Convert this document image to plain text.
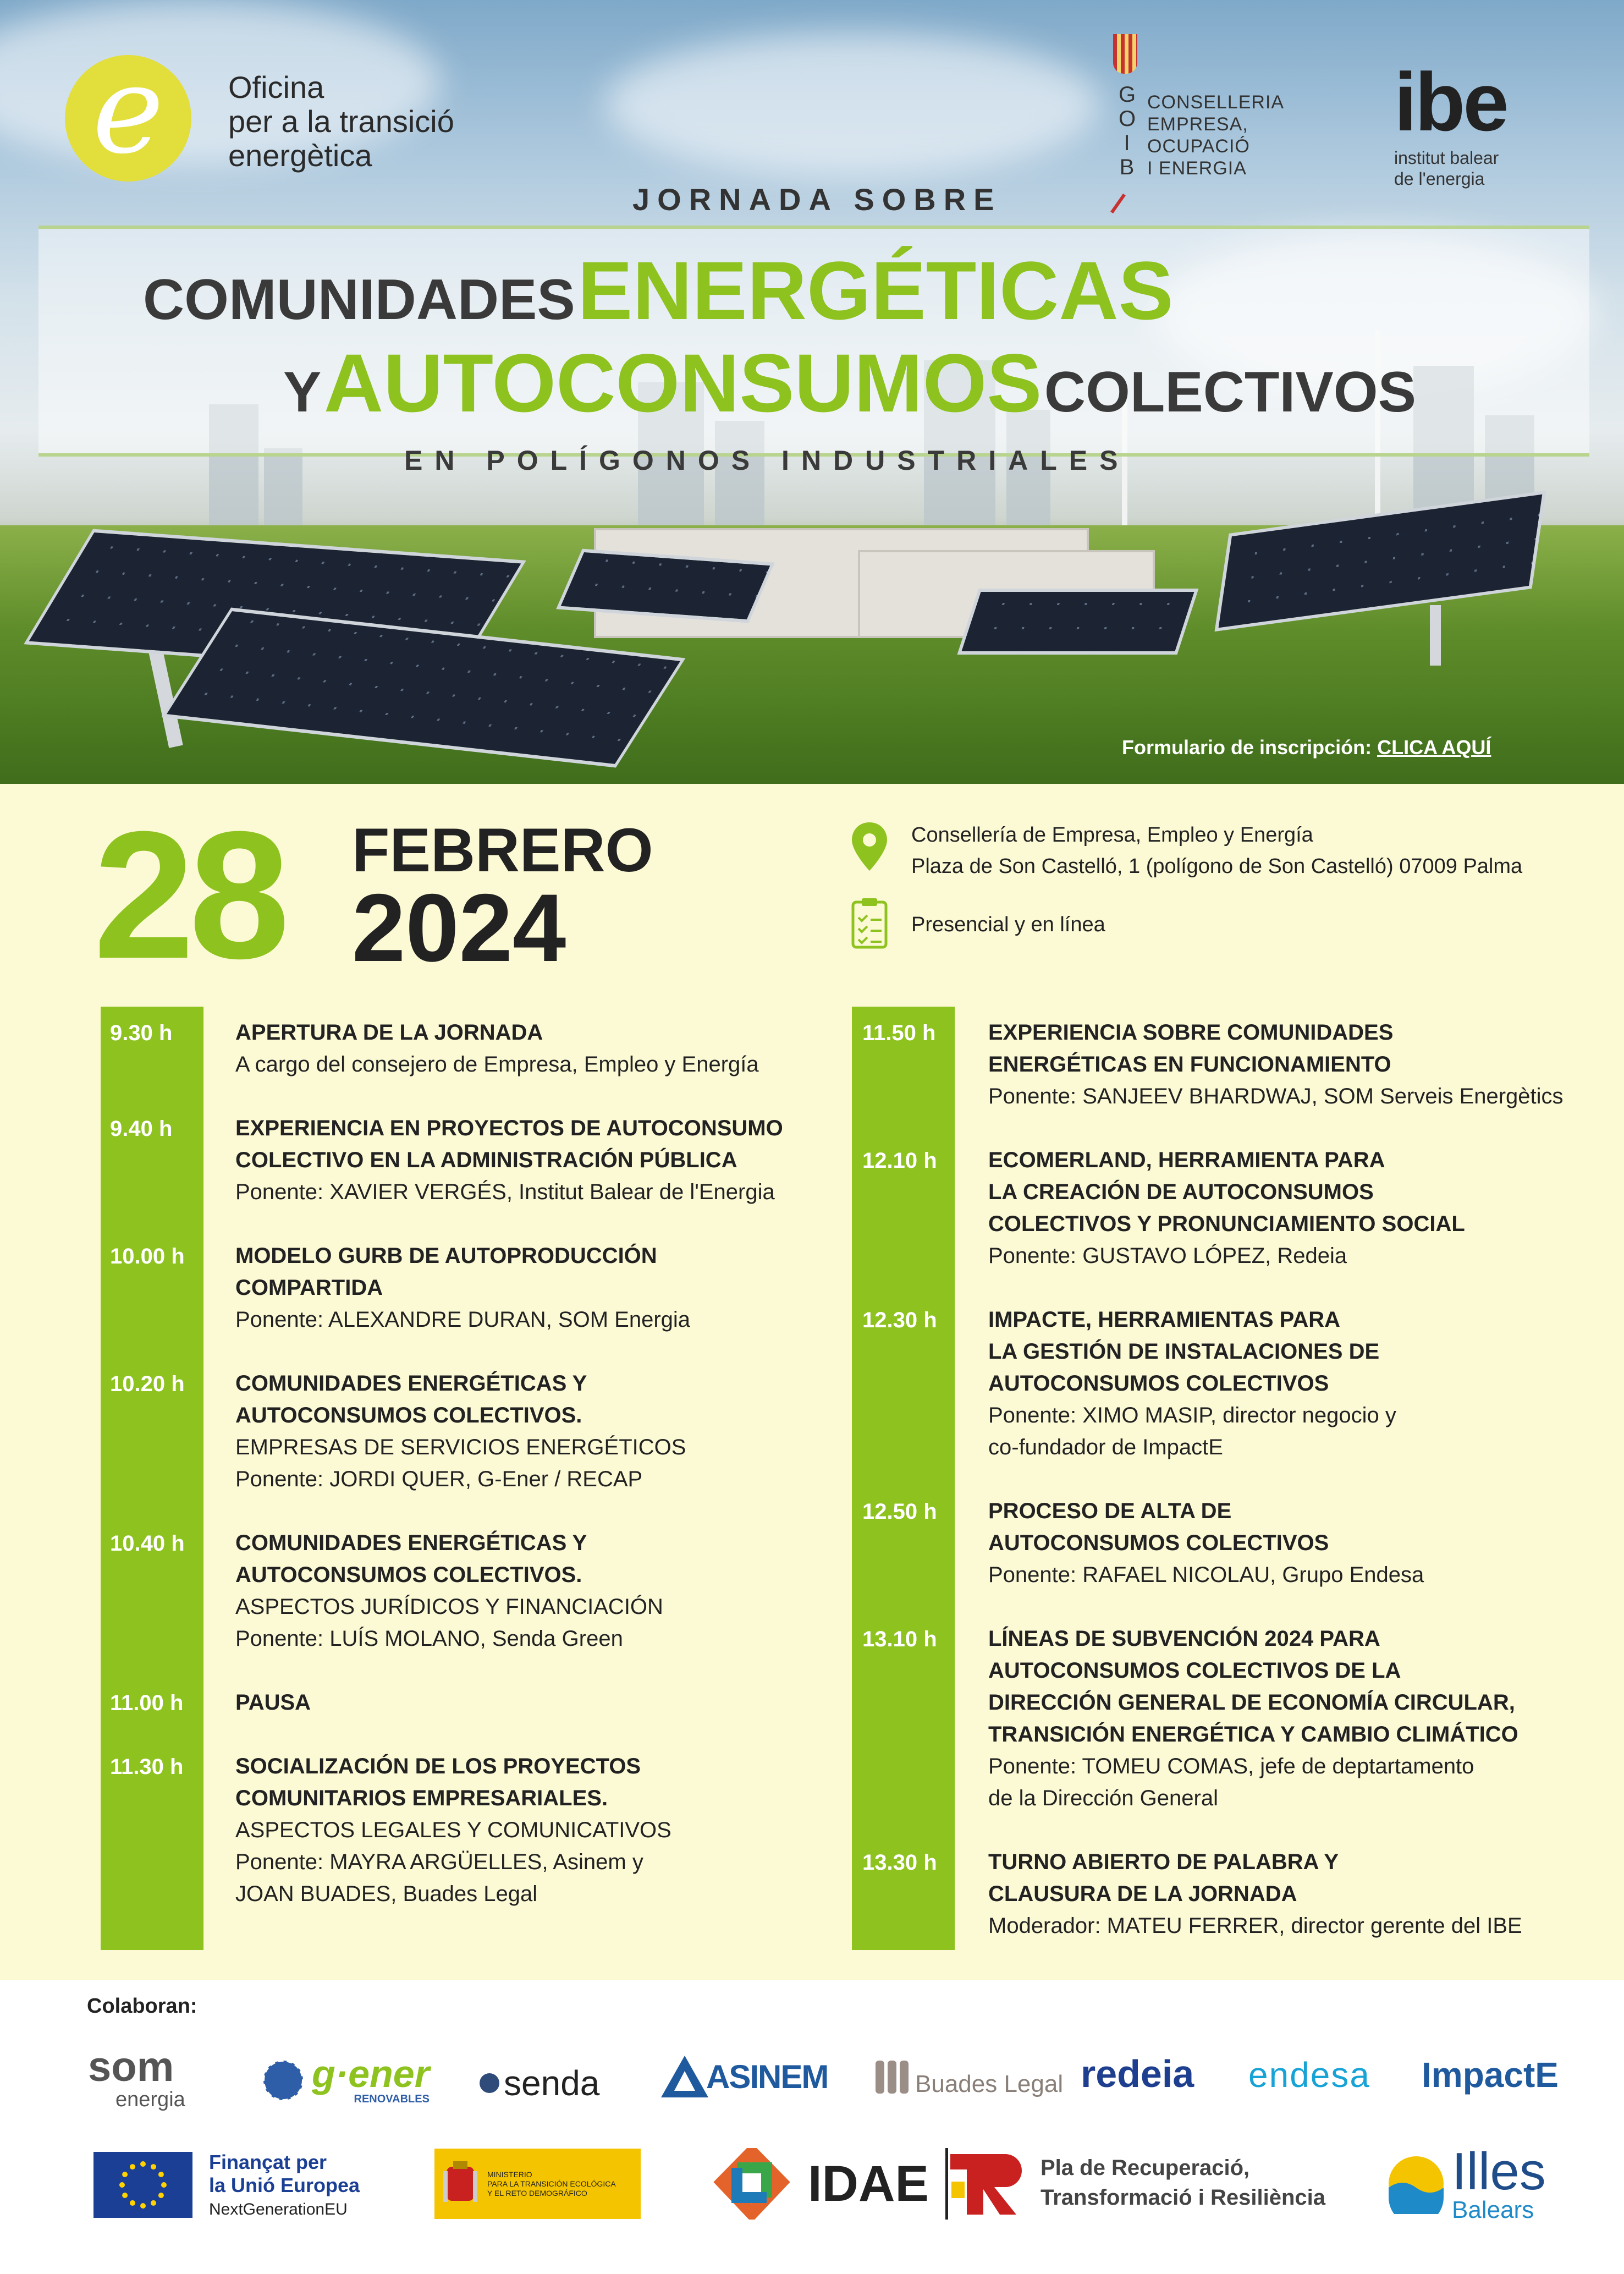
e Oficina
per a la transició
energètica
G
O
I
B
CONSELLERIA
EMPRESA, OCUPACIÓ
I ENERGIA
ibe
institut balear
de l'energia
JORNADA SOBRE
COMUNIDADES ENERGÉTICAS
Y AUTOCONSUMOS COLECTIVOS
EN POLÍGONOS INDUSTRIALES
Formulario de inscripción: CLICA AQUÍ
28 FEBRERO
2024
Consellería de Empresa, Empleo y Energía
Plaza de Son Castelló, 1 (polígono de Son Castelló) 07009 Palma
Presencial y en línea
9.30 h	APERTURA DE LA JORNADA
A cargo del consejero de Empresa, Empleo y Energía
9.40 h	EXPERIENCIA EN PROYECTOS DE AUTOCONSUMO
COLECTIVO EN LA ADMINISTRACIÓN PÚBLICA
Ponente: XAVIER VERGÉS, Institut Balear de l'Energia
10.00 h MODELO GURB DE AUTOPRODUCCIÓN
COMPARTIDA
Ponente: ALEXANDRE DURAN, SOM Energia
10.20 h COMUNIDADES ENERGÉTICAS Y
AUTOCONSUMOS COLECTIVOS.
EMPRESAS DE SERVICIOS ENERGÉTICOS
Ponente: JORDI QUER, G-Ener / RECAP
10.40 h COMUNIDADES ENERGÉTICAS Y
AUTOCONSUMOS COLECTIVOS.
ASPECTOS JURÍDICOS Y FINANCIACIÓN
Ponente: LUÍS MOLANO, Senda Green
11.00 h PAUSA
11.30 h SOCIALIZACIÓN DE LOS PROYECTOS
COMUNITARIOS EMPRESARIALES.
ASPECTOS LEGALES Y COMUNICATIVOS
Ponente: MAYRA ARGÜELLES, Asinem y
JOAN BUADES, Buades Legal
11.50 h EXPERIENCIA SOBRE COMUNIDADES
ENERGÉTICAS EN FUNCIONAMIENTO
Ponente: SANJEEV BHARDWAJ, SOM Serveis Energètics
12.10 h ECOMERLAND, HERRAMIENTA PARA
LA CREACIÓN DE AUTOCONSUMOS
COLECTIVOS Y PRONUNCIAMIENTO SOCIAL
Ponente: GUSTAVO LÓPEZ, Redeia
12.30 h IMPACTE, HERRAMIENTAS PARA
LA GESTIÓN DE INSTALACIONES DE
AUTOCONSUMOS COLECTIVOS
Ponente: XIMO MASIP, director negocio y
co-fundador de ImpactE
12.50 h PROCESO DE ALTA DE
AUTOCONSUMOS COLECTIVOS
Ponente: RAFAEL NICOLAU, Grupo Endesa
13.10 h LÍNEAS DE SUBVENCIÓN 2024 PARA
AUTOCONSUMOS COLECTIVOS DE LA
DIRECCIÓN GENERAL DE ECONOMÍA CIRCULAR,
TRANSICIÓN ENERGÉTICA Y CAMBIO CLIMÁTICO
Ponente: TOMEU COMAS, jefe de deptartamento
de la Dirección General
13.30 h TURNO ABIERTO DE PALABRA Y
CLAUSURA DE LA JORNADA
Moderador: MATEU FERRER, director gerente del IBE
Colaboran:
som
energia
g·ener
RENOVABLES senda	ASINEM	Buades Legal redeia endesa ImpactE
Finançat per
la Unió Europea
NextGenerationEU
MINISTERIO
PARA LA TRANSICIÓN ECOLÓGICA
Y EL RETO DEMOGRÁFICO	IDAE	Pla de Recuperació,
Transformació i Resiliència Illes
Balears
